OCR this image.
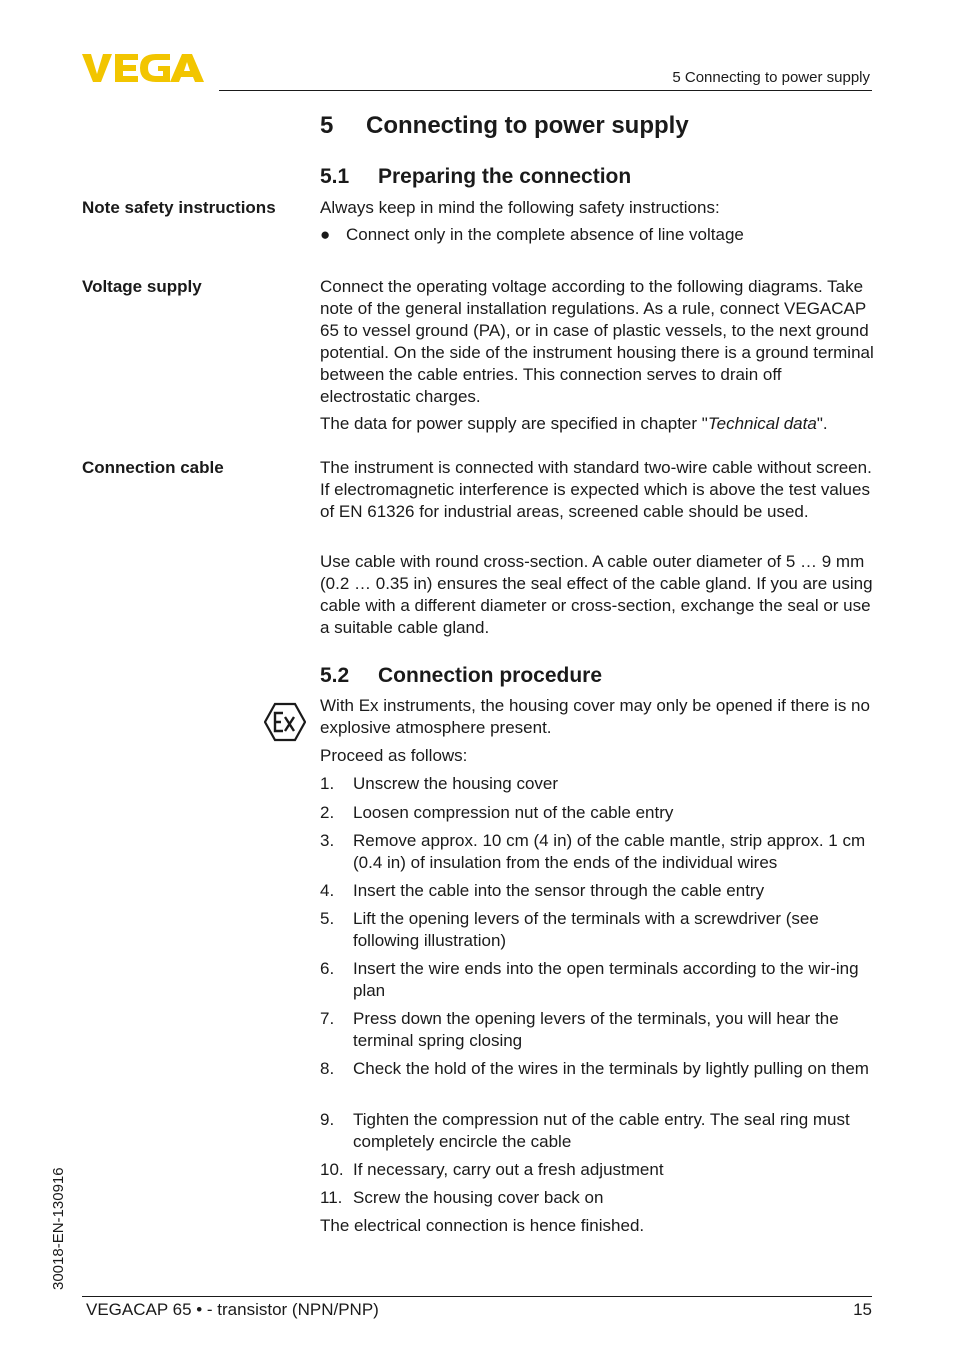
5 Connecting to power supply
5 Connecting to power supply
5.1 Preparing the connection
Note safety instructions	Always keep in mind the following safety instructions:
● Connect only in the complete absence of line voltage
Voltage supply	Connect the operating voltage according to the following diagrams. Take note of the general installation regulations. As a rule, connect VEGACAP 65 to vessel ground (PA), or in case of plastic vessels, to the next ground potential. On the side of the instrument housing there is a ground terminal between the cable entries. This connection serves to drain off electrostatic charges.
The data for power supply are specified in chapter "Technical data".
Connection cable	The instrument is connected with standard two-wire cable without screen. If electromagnetic interference is expected which is above the test values of EN 61326 for industrial areas, screened cable should be used.
Use cable with round cross-section. A cable outer diameter of 5 … 9 mm (0.2 … 0.35 in) ensures the seal effect of the cable gland. If you are using cable with a different diameter or cross-section, exchange the seal or use a suitable cable gland.
5.2 Connection procedure
With Ex instruments, the housing cover may only be opened if there is no explosive atmosphere present.
Proceed as follows:
1.	Unscrew the housing cover
2.	Loosen compression nut of the cable entry
3.	Remove approx. 10 cm (4 in) of the cable mantle, strip approx. 1 cm (0.4 in) of insulation from the ends of the individual wires
4.	Insert the cable into the sensor through the cable entry
5.	Lift the opening levers of the terminals with a screwdriver (see following illustration)
6.	Insert the wire ends into the open terminals according to the wir-ing plan
7.	Press down the opening levers of the terminals, you will hear the terminal spring closing
8.	Check the hold of the wires in the terminals by lightly pulling on them
9.	Tighten the compression nut of the cable entry. The seal ring must completely encircle the cable
10. If necessary, carry out a fresh adjustment
11. Screw the housing cover back on
The electrical connection is hence finished.
30018-EN-130916
VEGACAP 65 • - transistor (NPN/PNP)	15
